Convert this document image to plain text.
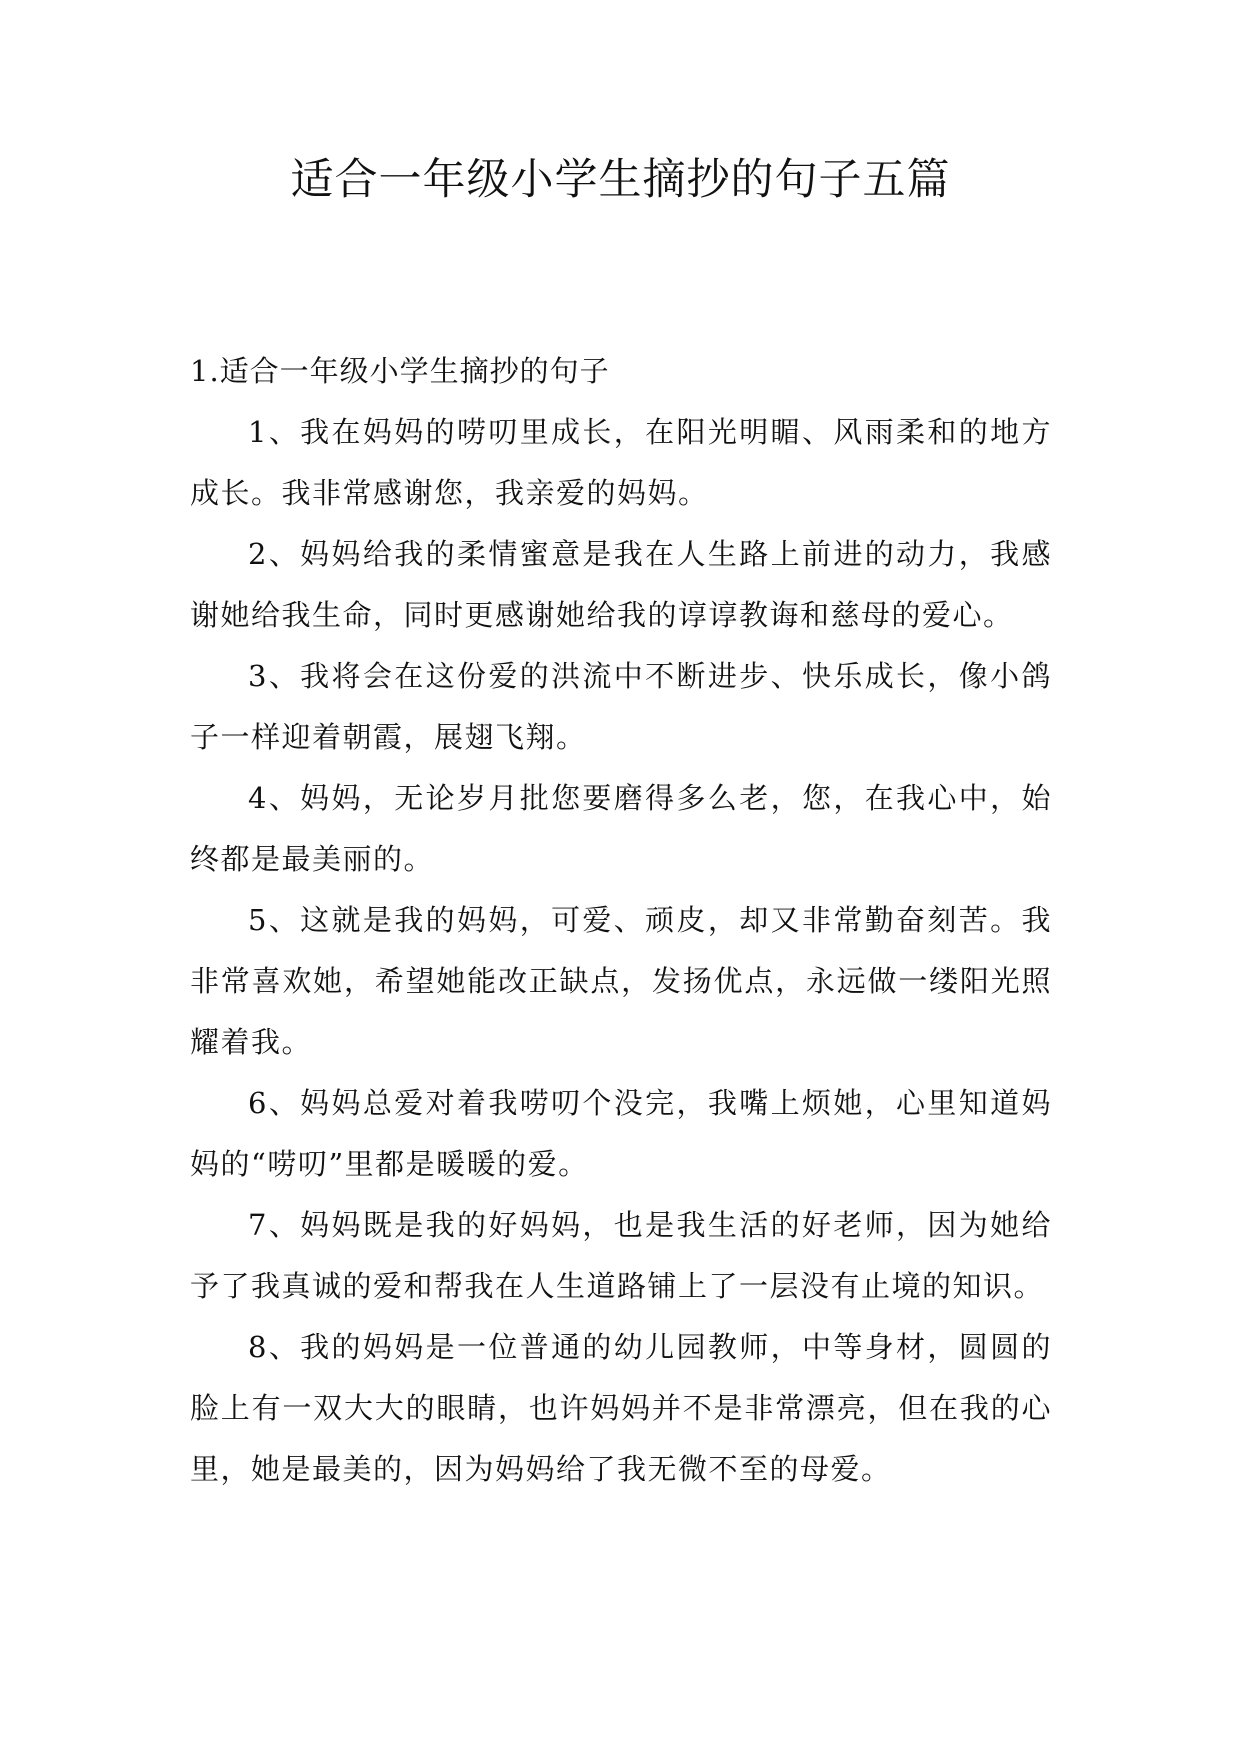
适合一年级小学生摘抄的句子五篇
1.适合一年级小学生摘抄的句子

1、我在妈妈的唠叨里成长，在阳光明睸、风雨柔和的地方成长。我非常感谢您，我亲爱的妈妈。

2、妈妈给我的柔情蜜意是我在人生路上前进的动力，我感谢她给我生命，同时更感谢她给我的谆谆教诲和慈母的爱心。

3、我将会在这份爱的洪流中不断进步、快乐成长，像小鸽子一样迎着朝霞，展翅飞翔。

4、妈妈，无论岁月批您要磨得多么老，您，在我心中，始终都是最美丽的。

5、这就是我的妈妈，可爱、顽皮，却又非常勤奋刻苦。我非常喜欢她，希望她能改正缺点，发扬优点，永远做一缕阳光照耀着我。

6、妈妈总爱对着我唠叨个没完，我嘴上烦她，心里知道妈妈的“唠叨”里都是暖暖的爱。

7、妈妈既是我的好妈妈，也是我生活的好老师，因为她给予了我真诚的爱和帮我在人生道路铺上了一层没有止境的知识。

8、我的妈妈是一位普通的幼儿园教师，中等身材，圆圆的脸上有一双大大的眼睛，也许妈妈并不是非常漂亮，但在我的心里，她是最美的，因为妈妈给了我无微不至的母爱。
